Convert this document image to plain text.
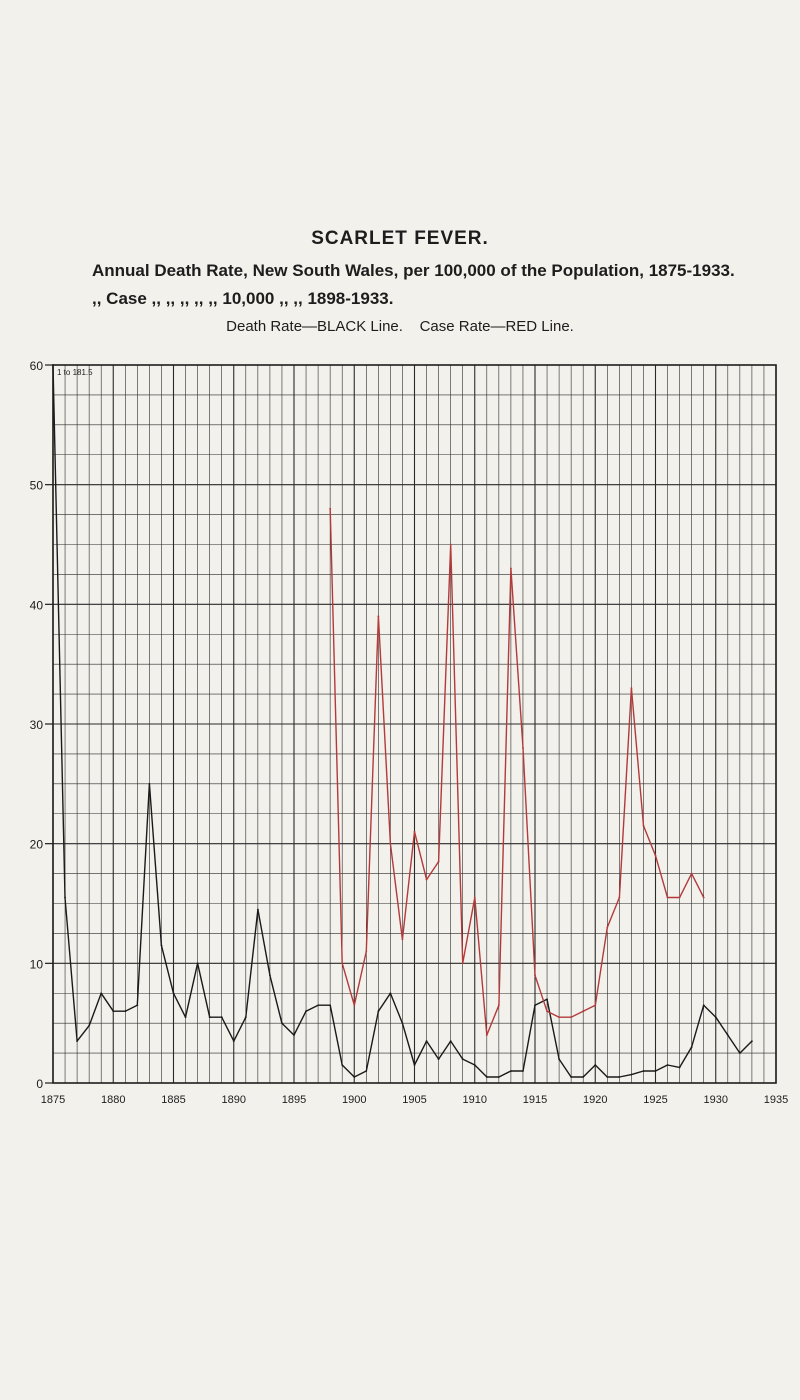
SCARLET FEVER.
Annual Death Rate, New South Wales, per 100,000 of the Population, 1875-1933.
,, Case ,, ,, ,, ,, ,, 10,000 ,, ,, 1898-1933.
Death Rate—BLACK Line.    Case Rate—RED Line.
0
10
20
30
40
50
60
1875	1880	1885	1890	1895	1900	1905	1910	1915	1920	1925	1930	1935
1 to 181.5
